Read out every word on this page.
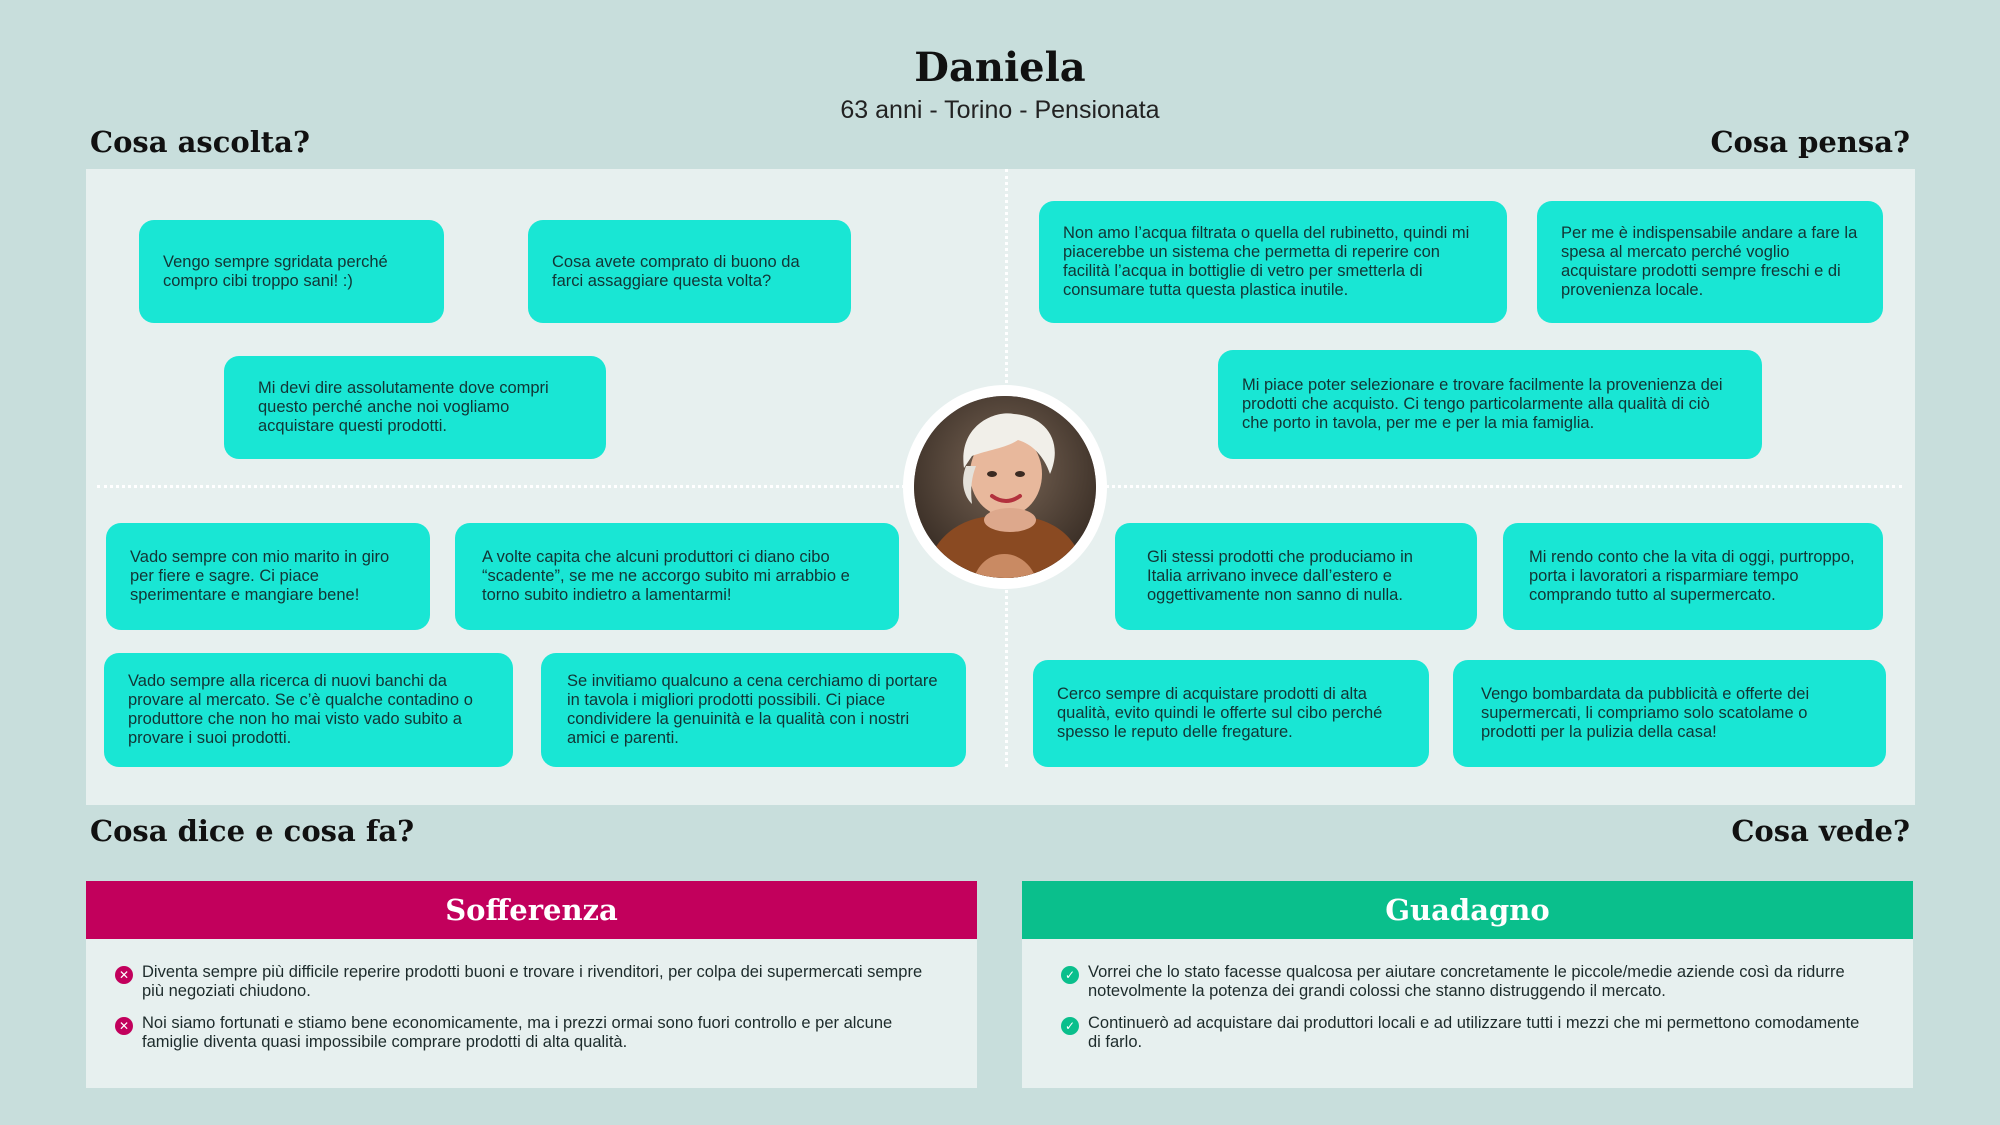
Daniela
63 anni - Torino - Pensionata
Cosa ascolta?	Cosa pensa?
Vengo sempre sgridata perché compro cibi troppo sani! :)
Cosa avete comprato di buono da farci assaggiare questa volta?
Mi devi dire assolutamente dove compri questo perché anche noi vogliamo acquistare questi prodotti.
Non amo l’acqua filtrata o quella del rubinetto, quindi mi piacerebbe un sistema che permetta di reperire con facilità l’acqua in bottiglie di vetro per smetterla di consumare tutta questa plastica inutile.
Per me è indispensabile andare a fare la spesa al mercato perché voglio acquistare prodotti sempre freschi e di provenienza locale.
Mi piace poter selezionare e trovare facilmente la provenienza dei prodotti che acquisto. Ci tengo particolarmente alla qualità di ciò che porto in tavola, per me e per la mia famiglia.
Vado sempre con mio marito in giro per fiere e sagre. Ci piace sperimentare e mangiare bene!
A volte capita che alcuni produttori ci diano cibo “scadente”, se me ne accorgo subito mi arrabbio e torno subito indietro a lamentarmi!
Vado sempre alla ricerca di nuovi banchi da provare al mercato. Se c’è qualche contadino o produttore che non ho mai visto vado subito a provare i suoi prodotti.
Se invitiamo qualcuno a cena cerchiamo di portare in tavola i migliori prodotti possibili. Ci piace condividere la genuinità e la qualità con i nostri amici e parenti.
Gli stessi prodotti che produciamo in Italia arrivano invece dall’estero e oggettivamente non sanno di nulla.
Mi rendo conto che la vita di oggi, purtroppo, porta i lavoratori a risparmiare tempo comprando tutto al supermercato.
Cerco sempre di acquistare prodotti di alta qualità, evito quindi le offerte sul cibo perché spesso le reputo delle fregature.
Vengo bombardata da pubblicità e offerte dei supermercati, li compriamo solo scatolame o prodotti per la pulizia della casa!
Cosa dice e cosa fa?	Cosa vede?
Sofferenza
✕ Diventa sempre più difficile reperire prodotti buoni e trovare i rivenditori, per colpa dei supermercati sempre più negoziati chiudono.
✕ Noi siamo fortunati e stiamo bene economicamente, ma i prezzi ormai sono fuori controllo e per alcune famiglie diventa quasi impossibile comprare prodotti di alta qualità.
Guadagno
✓ Vorrei che lo stato facesse qualcosa per aiutare concretamente le piccole/medie aziende così da ridurre notevolmente la potenza dei grandi colossi che stanno distruggendo il mercato.
✓ Continuerò ad acquistare dai produttori locali e ad utilizzare tutti i mezzi che mi permettono comodamente di farlo.
